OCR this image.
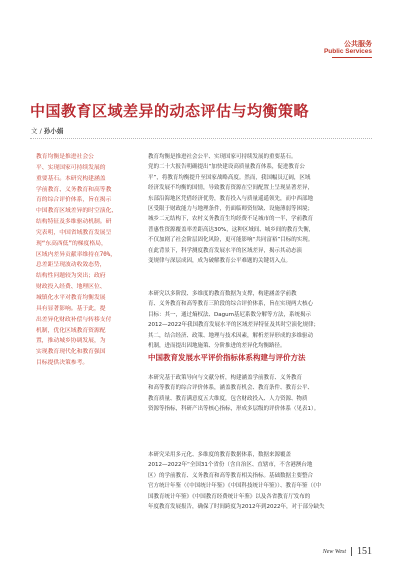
公共服务
Public Services
中国教育区域差异的动态评估与均衡策略
文 / 孙小娟
教育均衡是推进社会公
平、实现国家可持续发展的
重要基石。本研究构建涵盖
学前教育、义务教育和高等教
育的综合评价体系，旨在揭示
中国教育区域差异的时空演化、
结构特征及多维驱动机制。研
究表明，中国省域教育发展呈
现“东高西低”的梯度格局，
区域内差异贡献率维持在70%，
总差距呈现波动收敛态势，
结构性问题较为突出；政府
财政投入经费、地理区位、
城镇化水平对教育均衡发展
具有显著影响。基于此，提
出差异化财政补偿与转移支付
机制，优化区域教育资源配
置，推动城乡协调发展，为
实现教育现代化和教育强国
目标提供决策参考。
教育均衡是推进社会公平、实现国家可持续发展的重要基石。
党的二十大报告明确提出“加快建设高质量教育体系，促进教育公
平”，将教育均衡提升至国家战略高度。然而，我国幅员辽阔，区域
经济发展不均衡的国情，导致教育资源在空间配置上呈现显著差异，
东部沿海地区凭借经济优势，教育投入与质量遥遥领先，而中西部地
区受限于财政能力与地理条件，仍面临师资短缺、设施薄弱等困境；
城乡二元结构下，农村义务教育生均经费不足城市的一半，学前教育
普惠性资源覆盖率差距高达30%，这种区域间、城乡间的教育失衡，
不仅加剧了社会阶层固化风险，更可能影响“共同富裕”目标的实现。
在此背景下，科学测度教育发展水平的区域差异，揭示其动态演
变规律与深层成因，成为破解教育公平难题的关键切入点。
本研究以多阶段、多维度的教育数据为支撑，构建涵盖学前教
育、义务教育和高等教育三阶段的综合评价体系，旨在实现两大核心
目标：其一，通过熵权法、Dagum基尼系数分解等方法，系统揭示
2012—2022年我国教育发展水平的区域差异特征及其时空演化规律；
其二，结合经济、政策、地理与技术因素，解析差异形成的多维驱动
机制，进而提出因地施策、分阶推进的差异化均衡路径。
中国教育发展水平评价指标体系构建与评价方法
本研究基于政策导向与文献分析，构建涵盖学前教育、义务教育
和高等教育的综合评价体系，涵盖教育机会、教育条件、教育公平、
教育质量、教育满意度五大维度，包含财政投入、人力资源、物质
资源等指标，科研产出等核心指标，形成多层级的评价体系（见表1）。
本研究采用多元化、多维度的教育数据体系，数据来源覆盖
2012—2022年“全国31个省份（含自治区、直辖市，不含港澳台地
区）的学前教育、义务教育和高等教育相关指标。基础数据主要整合
官方统计年鉴（《中国统计年鉴》《中国科技统计年鉴》）、教育年鉴（《中
国教育统计年鉴》《中国教育经费统计年鉴》以及各省教育厅发布的
年度教育发展报告，确保了时间跨度为2012年到2022年，对于部分缺失
New West 151
